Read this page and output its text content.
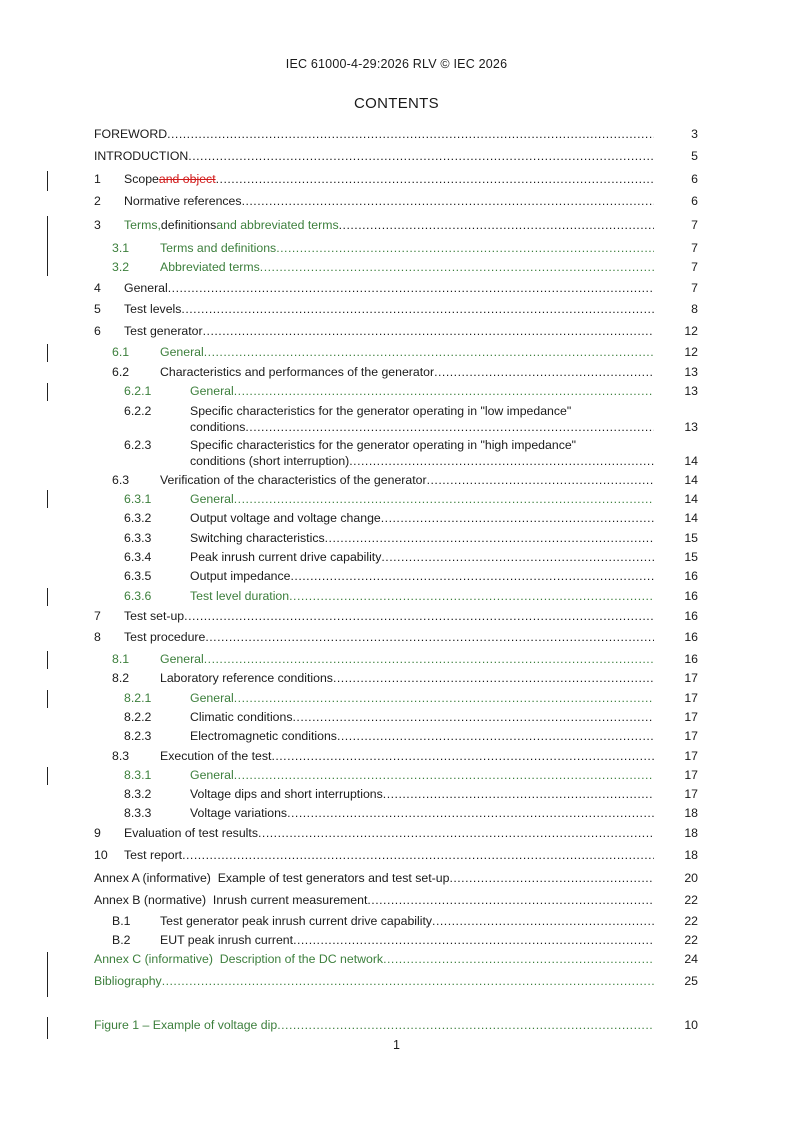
IEC 61000-4-29:2026 RLV © IEC 2026
CONTENTS
FOREWORD .....	3
INTRODUCTION .....	5
1	Scope and object .....	6
2	Normative references .....	6
3	Terms, definitions and abbreviated terms .....	7
3.1	Terms and definitions .....	7
3.2	Abbreviated terms .....	7
4	General .....	7
5	Test levels .....	8
6	Test generator .....	12
6.1	General .....	12
6.2	Characteristics and performances of the generator .....	13
6.2.1	General .....	13
6.2.2	Specific characteristics for the generator operating in "low impedance"
conditions .....	13
6.2.3	Specific characteristics for the generator operating in "high impedance"
conditions (short interruption) .....	14
6.3	Verification of the characteristics of the generator .....	14
6.3.1	General .....	14
6.3.2	Output voltage and voltage change .....	14
6.3.3	Switching characteristics .....	15
6.3.4	Peak inrush current drive capability .....	15
6.3.5	Output impedance .....	16
6.3.6	Test level duration .....	16
7	Test set-up .....	16
8	Test procedure .....	16
8.1	General .....	16
8.2	Laboratory reference conditions .....	17
8.2.1	General .....	17
8.2.2	Climatic conditions .....	17
8.2.3	Electromagnetic conditions .....	17
8.3	Execution of the test .....	17
8.3.1	General .....	17
8.3.2	Voltage dips and short interruptions .....	17
8.3.3	Voltage variations .....	18
9	Evaluation of test results .....	18
10	Test report .....	18
Annex A (informative)  Example of test generators and test set-up .....	20
Annex B (normative)  Inrush current measurement .....	22
B.1	Test generator peak inrush current drive capability .....	22
B.2	EUT peak inrush current .....	22
Annex C (informative)  Description of the DC network .....	24
Bibliography .....	25
Figure 1 – Example of voltage dip .....	10
1
